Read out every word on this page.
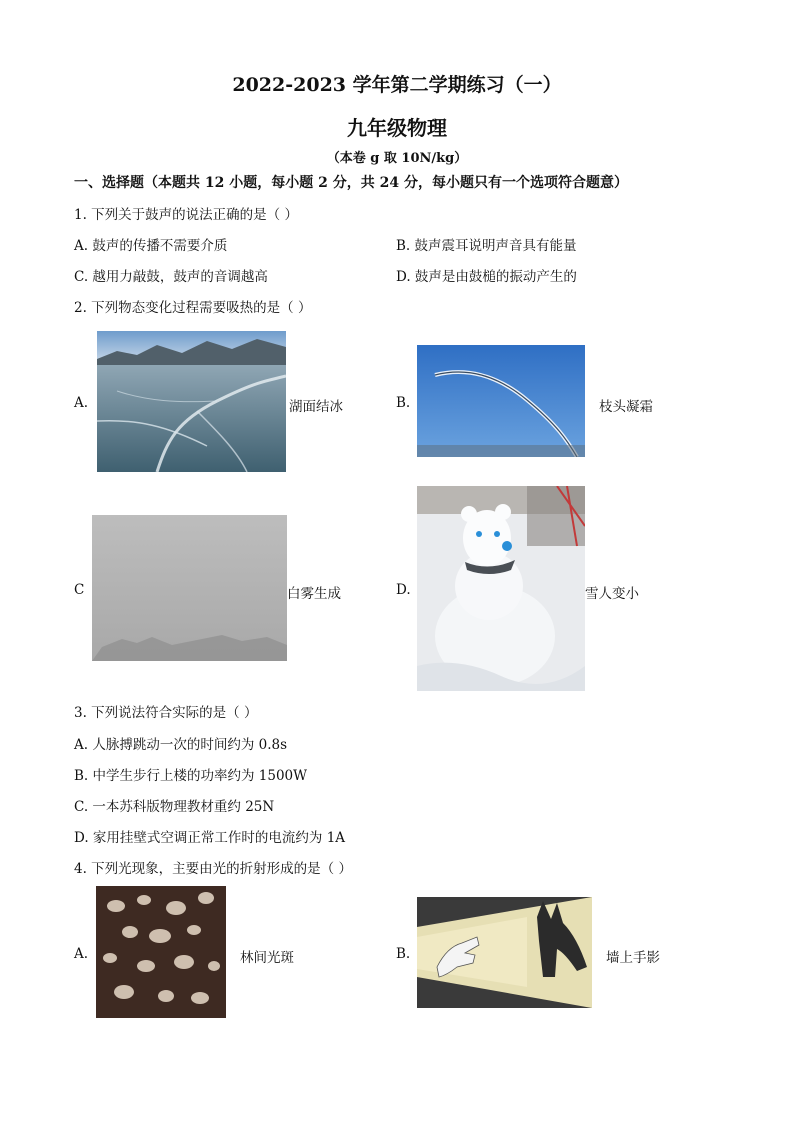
2022-2023 学年第二学期练习（一）
九年级物理
（本卷 g 取 10N/kg）
一、选择题（本题共 12 小题，每小题 2 分，共 24 分，每小题只有一个选项符合题意）
1. 下列关于鼓声的说法正确的是（ ）
A. 鼓声的传播不需要介质	B. 鼓声震耳说明声音具有能量
C. 越用力敲鼓，鼓声的音调越高	D. 鼓声是由鼓槌的振动产生的
2. 下列物态变化过程需要吸热的是（ ）
A.	湖面结冰	B.	枝头凝霜
C	白雾生成	D.	雪人变小
3. 下列说法符合实际的是（ ）
A. 人脉搏跳动一次的时间约为 0.8s
B. 中学生步行上楼的功率约为 1500W
C. 一本苏科版物理教材重约 25N
D. 家用挂壁式空调正常工作时的电流约为 1A
4. 下列光现象，主要由光的折射形成的是（ ）
A.	林间光斑	B.	墙上手影
